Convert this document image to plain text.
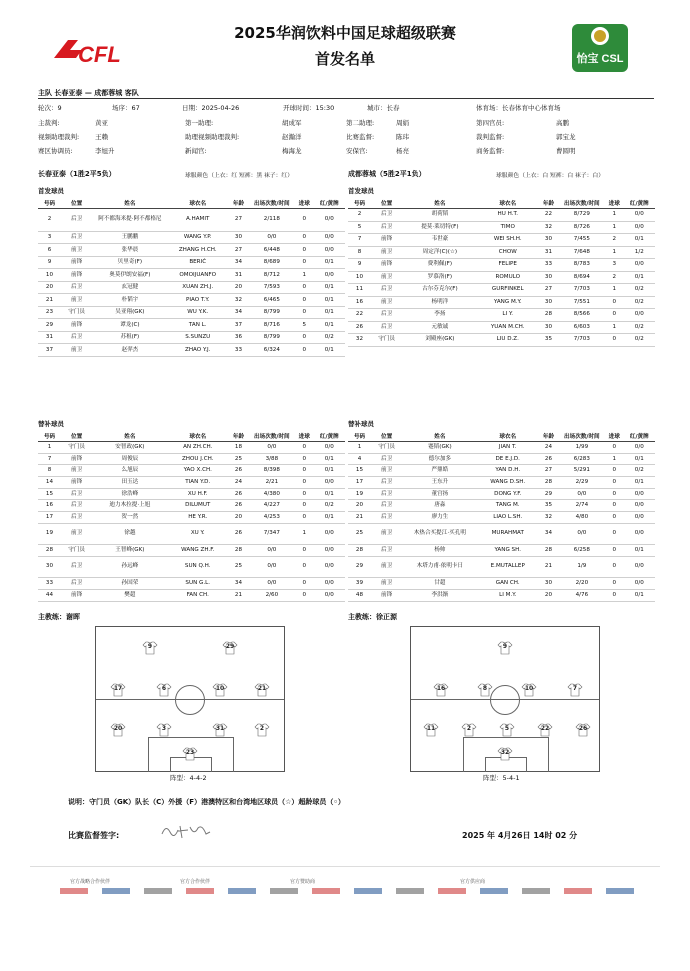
CFL	怡宝 CSL
2025华润饮料中国足球超级联赛
首发名单
主队 长春亚泰 — 成都蓉城 客队
轮次：9	场序：67	日期：2025-04-26	开球时间：15:30	城市：长春	体育场：长春体育中心体育场
主裁判:	黄亚	第一助理:	胡成军	第二助理:	周娟	第四官员:	高鹏
视频助理裁判: 王赖	助理视频助理裁判:	赵瀚洋	比赛监督:	陈玮	裁判监督:	郭宝龙
赛区协调员:	李旭升	新闻官:	梅海龙	安保官:	杨亮	商务监督:	曹圆明
长春亚泰（1胜2平5负）	球服颜色（上衣：红 短裤：黑 袜子：红）	成都蓉城（5胜2平1负）	球服颜色（上衣：白 短裤：白 袜子：白）
首发球员	首发球员
替补球员	替补球员
号码	位置	姓名	球衣名	年龄	出场次数/时间	进球	红/黄牌
2	后卫	阿不都海米提·阿不都格尼	A.HAMIT	27	2/118	0	0/0
3	后卫	王鹏鹏	WANG Y.P.	30	0/0	0	0/0
6	前卫	张华晨	ZHANG H.CH.	27	6/448	0	0/0
9	前锋	贝里奇(F)	BERIĆ	34	8/689	0	0/1
10	前锋	奥莫伊朗安福(F)	OMOIJUANFO	31	8/712	1	0/0
20	后卫	玄冠健	XUAN ZH.J.	20	7/593	0	0/1
21	前卫	朴韬宇	PIAO T.Y.	32	6/465	0	0/1
23	守门员	吴亚翔(GK)	WU Y.K.	34	8/799	0	0/1
29	前锋	谭龙(C)	TAN L.	37	8/716	5	0/1
31	后卫	苏租(F)	S.SUNZU	36	8/799	0	0/2
37	前卫	赵羿杰	ZHAO Y.J.	33	6/324	0	0/1
号码	位置	姓名	球衣名	年龄	出场次数/时间	进球	红/黄牌
2	后卫	胡荷韬	HU H.T.	22	8/729	1	0/0
5	后卫	提莫·莱切特(F)	TIMO	32	8/726	1	0/0
7	前锋	韦世豪	WEI SH.H.	30	7/455	2	0/1
8	前卫	周定洋(C)(☆)	CHOW	31	7/648	1	1/2
9	前锋	费利佩(F)	FELIPE	33	8/783	3	0/0
10	前卫	罗慕洛(F)	ROMULO	30	8/694	2	0/1
11	后卫	古尔芬克尔(F)	GURFINKEL	27	7/703	1	0/2
16	前卫	杨明洋	YANG M.Y.	30	7/551	0	0/2
22	后卫	李扬	LI Y.	28	8/566	0	0/0
26	后卫	元敏诚	YUAN M.CH.	30	6/603	1	0/2
32	守门员	刘殿座(GK)	LIU D.Z.	35	7/703	0	0/2
号码	位置	姓名	球衣名	年龄	出场次数/时间	进球	红/黄牌
1	守门员	安智政(GK)	AN ZH.CH.	18	0/0	0	0/0
7	前锋	周俊辰	ZHOU J.CH.	25	3/88	0	0/1
8	前卫	么旭辰	YAO X.CH.	26	8/398	0	0/1
14	前锋	田玉达	TIAN Y.D.	24	2/21	0	0/0
15	后卫	徐浩峰	XU H.F.	26	4/380	0	0/1
16	后卫	迪力木拉提·上旭	DILUMUT	26	4/227	0	0/2
17	后卫	贺一然	HE Y.R.	20	4/253	0	0/1
19	前卫	徐越	XU Y.	26	7/347	1	0/0
28	守门员	王智峰(GK)	WANG ZH.F.	28	0/0	0	0/0
30	后卫	孙远峰	SUN Q.H.	25	0/0	0	0/0
33	后卫	孙国荣	SUN G.L.	34	0/0	0	0/0
44	前锋	樊超	FAN CH.	21	2/60	0	0/0
号码	位置	姓名	球衣名	年龄	出场次数/时间	进球	红/黄牌
1	守门员	蹇韬(GK)	JIAN T.	24	1/99	0	0/0
4	后卫	德尔加多	DE E.J.D.	26	6/283	1	0/1
15	前卫	严鼎皓	YAN D.H.	27	5/291	0	0/2
17	后卫	王东升	WANG D.SH.	28	2/29	0	0/1
19	后卫	董宫扬	DONG Y.F.	29	0/0	0	0/0
20	后卫	唐淼	TANG M.	35	2/74	0	0/0
21	后卫	廖力生	LIAO L.SH.	32	4/80	0	0/0
25	前卫	木热合买提江·买孔明	MURAHMAT	34	0/0	0	0/0
28	后卫	杨帅	YANG SH.	28	6/258	0	0/1
29	前卫	木塔力甫·依明卡日	E.MUTALLEP	21	1/9	0	0/0
39	前卫	甘超	GAN CH.	30	2/20	0	0/0
48	前锋	李洪渐	LI M.Y.	20	4/76	0	0/1
主教练：谢晖	主教练：徐正源
9	29
17	6	10	21
20	3	31	2
23
9
16	8	10	7
11	2	5	22	26
32
阵型：4-4-2	阵型：5-4-1
说明：守门员（GK）队长（C）外援（F）港澳特区和台湾地区球员（☆）超龄球员（◦）
比赛监督签字:	2025 年 4月26日 14时 02 分
官方战略合作伙伴	官方合作伙伴	官方赞助商	官方供应商
